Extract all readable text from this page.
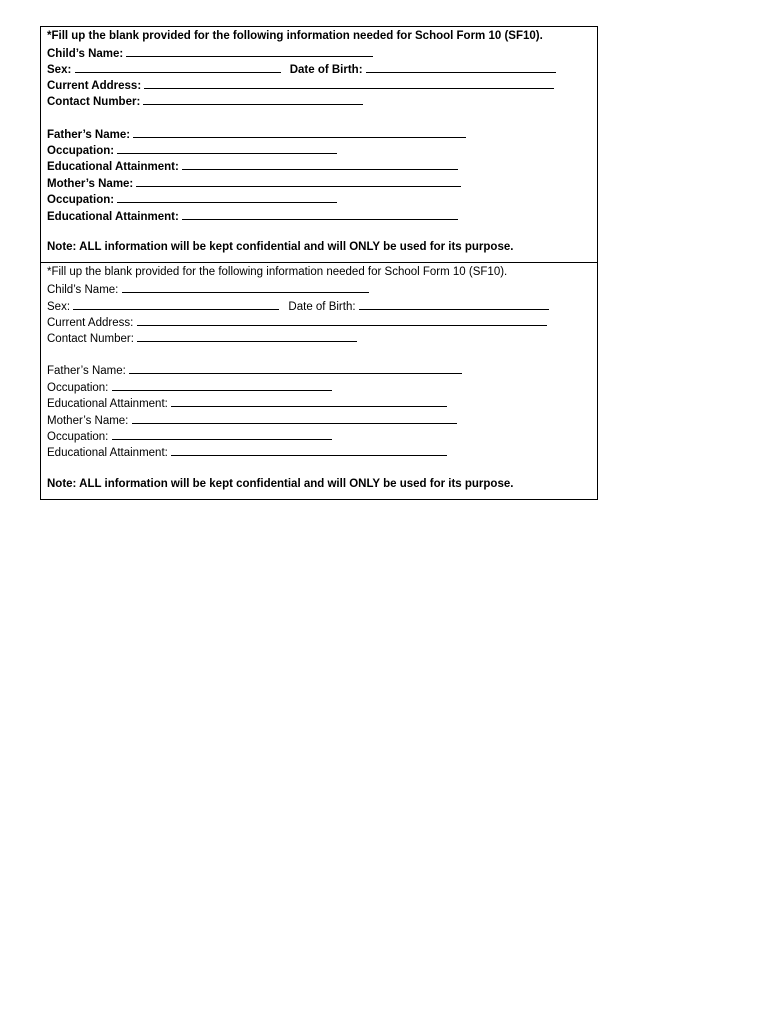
*Fill up the blank provided for the following information needed for School Form 10 (SF10).
Child’s Name:
Sex:	Date of Birth:
Current Address:
Contact Number:
Father’s Name:
Occupation:
Educational Attainment:
Mother’s Name:
Occupation:
Educational Attainment:
Note: ALL information will be kept confidential and will ONLY be used for its purpose.
*Fill up the blank provided for the following information needed for School Form 10 (SF10).
Child’s Name:
Sex:	Date of Birth:
Current Address:
Contact Number:
Father’s Name:
Occupation:
Educational Attainment:
Mother’s Name:
Occupation:
Educational Attainment:
Note: ALL information will be kept confidential and will ONLY be used for its purpose.
